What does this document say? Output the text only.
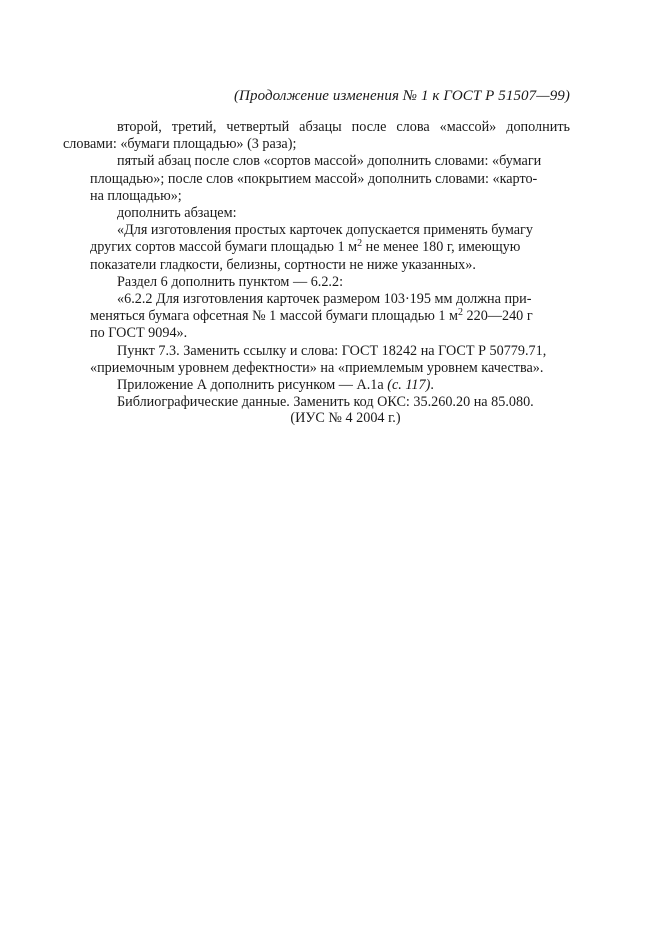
(Продолжение изменения № 1 к ГОСТ Р 51507—99)

второй, третий, четвертый абзацы после слова «массой» дополнить
словами: «бумаги площадью» (3 раза);

пятый абзац после слов «сортов массой» дополнить словами: «бумаги
площадью»; после слов «покрытием массой» дополнить словами: «карто-
на площадью»;

дополнить абзацем:

«Для изготовления простых карточек допускается применять бумагу
других сортов массой бумаги площадью 1 $м^2$ не менее 180 г, имеющую
показатели гладкости, белизны, сортности не ниже указанных».

Раздел 6 дополнить пунктом — 6.2.2:

«6.2.2 Для изготовления карточек размером 103·195 мм должна при-
меняться бумага офсетная № 1 массой бумаги площадью 1 $м^2$ 220—240 г
по ГОСТ 9094».

Пункт 7.3. Заменить ссылку и слова: ГОСТ 18242 на ГОСТ Р 50779.71,
«приемочным уровнем дефектности» на «приемлемым уровнем качества».

Приложение А дополнить рисунком — А.1а (с. 117).

Библиографические данные. Заменить код ОКС: 35.260.20 на 85.080.

(ИУС № 4 2004 г.)
